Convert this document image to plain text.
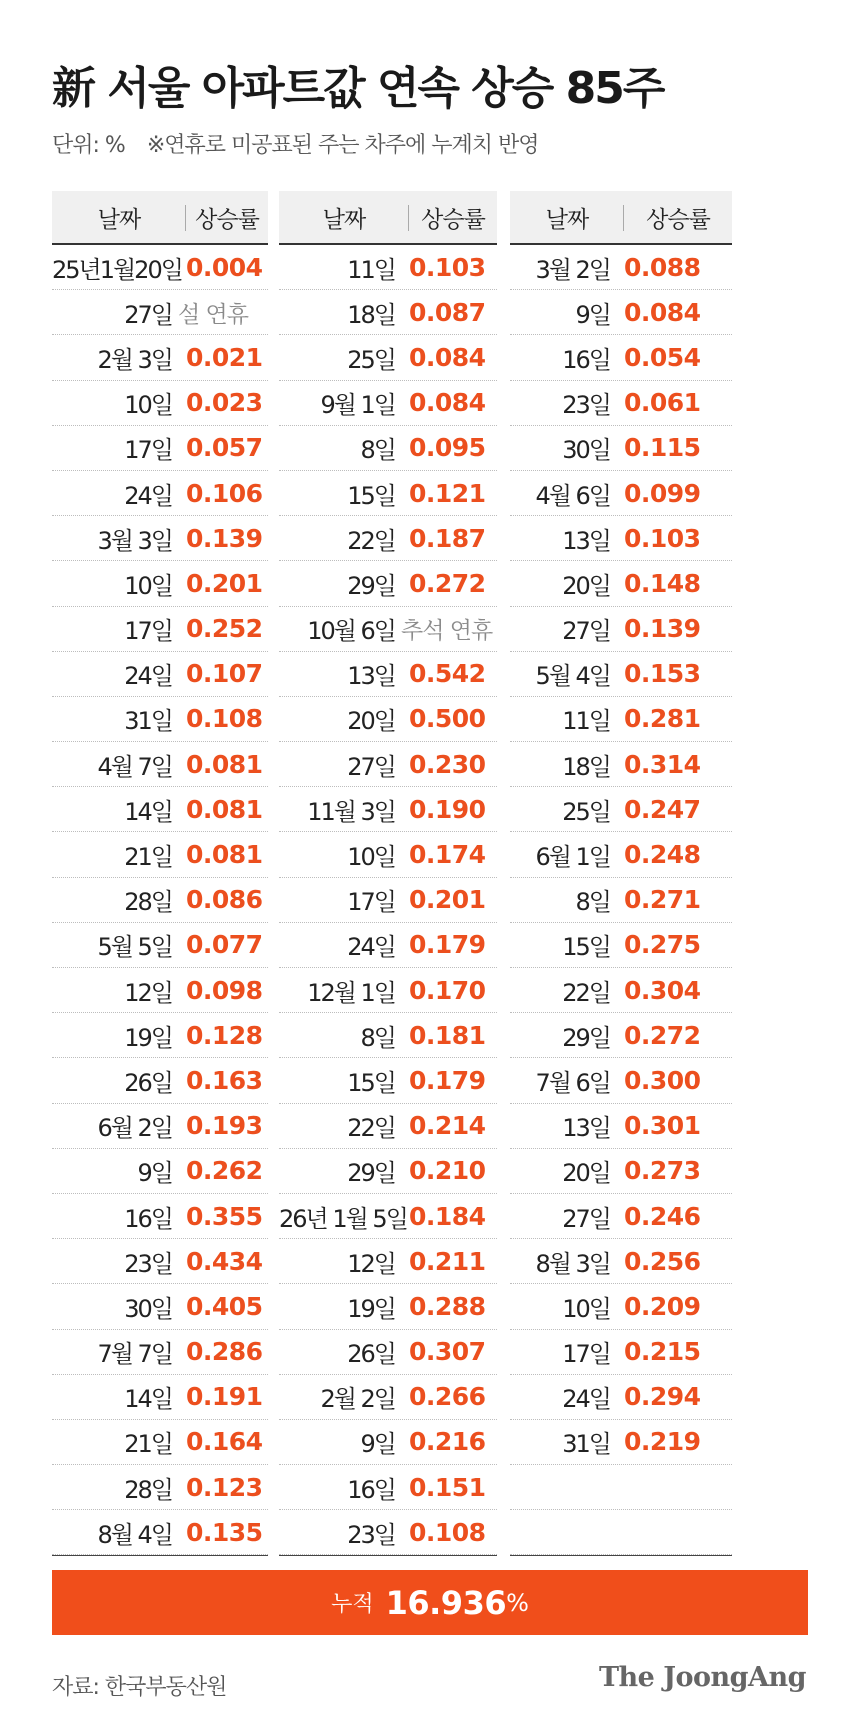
新 서울 아파트값 연속 상승 85주
단위: % ※연휴로 미공표된 주는 차주에 누계치 반영
날짜	상승률
25년1월20일 0.004
27일 설 연휴
2월 3일 0.021
10일 0.023
17일 0.057
24일 0.106
3월 3일 0.139
10일 0.201
17일 0.252
24일 0.107
31일 0.108
4월 7일 0.081
14일 0.081
21일 0.081
28일 0.086
5월 5일 0.077
12일 0.098
19일 0.128
26일 0.163
6월 2일 0.193
9일 0.262
16일 0.355
23일 0.434
30일 0.405
7월 7일 0.286
14일 0.191
21일 0.164
28일 0.123
8월 4일 0.135
날짜	상승률
11일 0.103
18일 0.087
25일 0.084
9월 1일 0.084
8일 0.095
15일 0.121
22일 0.187
29일 0.272
10월 6일 추석 연휴
13일 0.542
20일 0.500
27일 0.230
11월 3일 0.190
10일 0.174
17일 0.201
24일 0.179
12월 1일 0.170
8일 0.181
15일 0.179
22일 0.214
29일 0.210
26년 1월 5일 0.184
12일 0.211
19일 0.288
26일 0.307
2월 2일 0.266
9일 0.216
16일 0.151
23일 0.108
날짜	상승률
3월 2일 0.088
9일 0.084
16일 0.054
23일 0.061
30일 0.115
4월 6일 0.099
13일 0.103
20일 0.148
27일 0.139
5월 4일 0.153
11일 0.281
18일 0.314
25일 0.247
6월 1일 0.248
8일 0.271
15일 0.275
22일 0.304
29일 0.272
7월 6일 0.300
13일 0.301
20일 0.273
27일 0.246
8월 3일 0.256
10일 0.209
17일 0.215
24일 0.294
31일 0.219
누적 16.936 %
자료: 한국부동산원	The JoongAng
